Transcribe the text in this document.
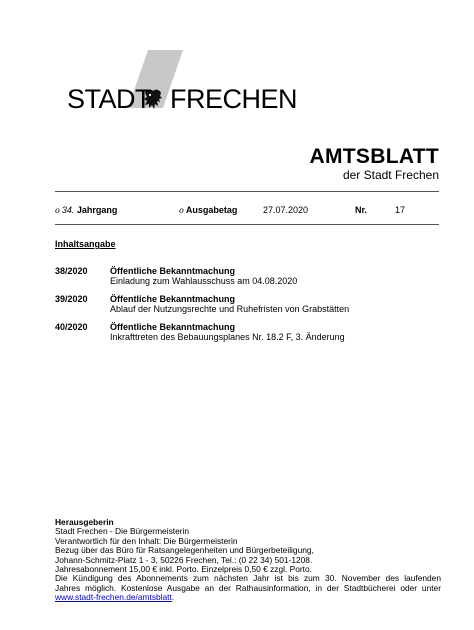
STADT FRECHEN
AMTSBLATT
der Stadt Frechen
o 34. Jahrgang	o Ausgabetag	27.07.2020	Nr.	17
Inhaltsangabe
38/2020 Öffentliche Bekanntmachung
Einladung zum Wahlausschuss am 04.08.2020
39/2020 Öffentliche Bekanntmachung
Ablauf der Nutzungsrechte und Ruhefristen von Grabstätten
40/2020 Öffentliche Bekanntmachung
Inkrafttreten des Bebauungsplanes Nr. 18.2 F, 3. Änderung
Herausgeberin
Stadt Frechen - Die Bürgermeisterin
Verantwortlich für den Inhalt: Die Bürgermeisterin
Bezug über das Büro für Ratsangelegenheiten und Bürgerbeteiligung,
Johann-Schmitz-Platz 1 - 3, 50226 Frechen, Tel.: (0 22 34) 501-1208.
Jahresabonnement 15,00 € inkl. Porto. Einzelpreis 0,50 € zzgl. Porto.
Die Kündigung des Abonnements zum nächsten Jahr ist bis zum 30. November des laufenden
Jahres möglich. Kostenlose Ausgabe an der Rathausinformation, in der Stadtbücherei oder unter
www.stadt-frechen.de/amtsblatt.
